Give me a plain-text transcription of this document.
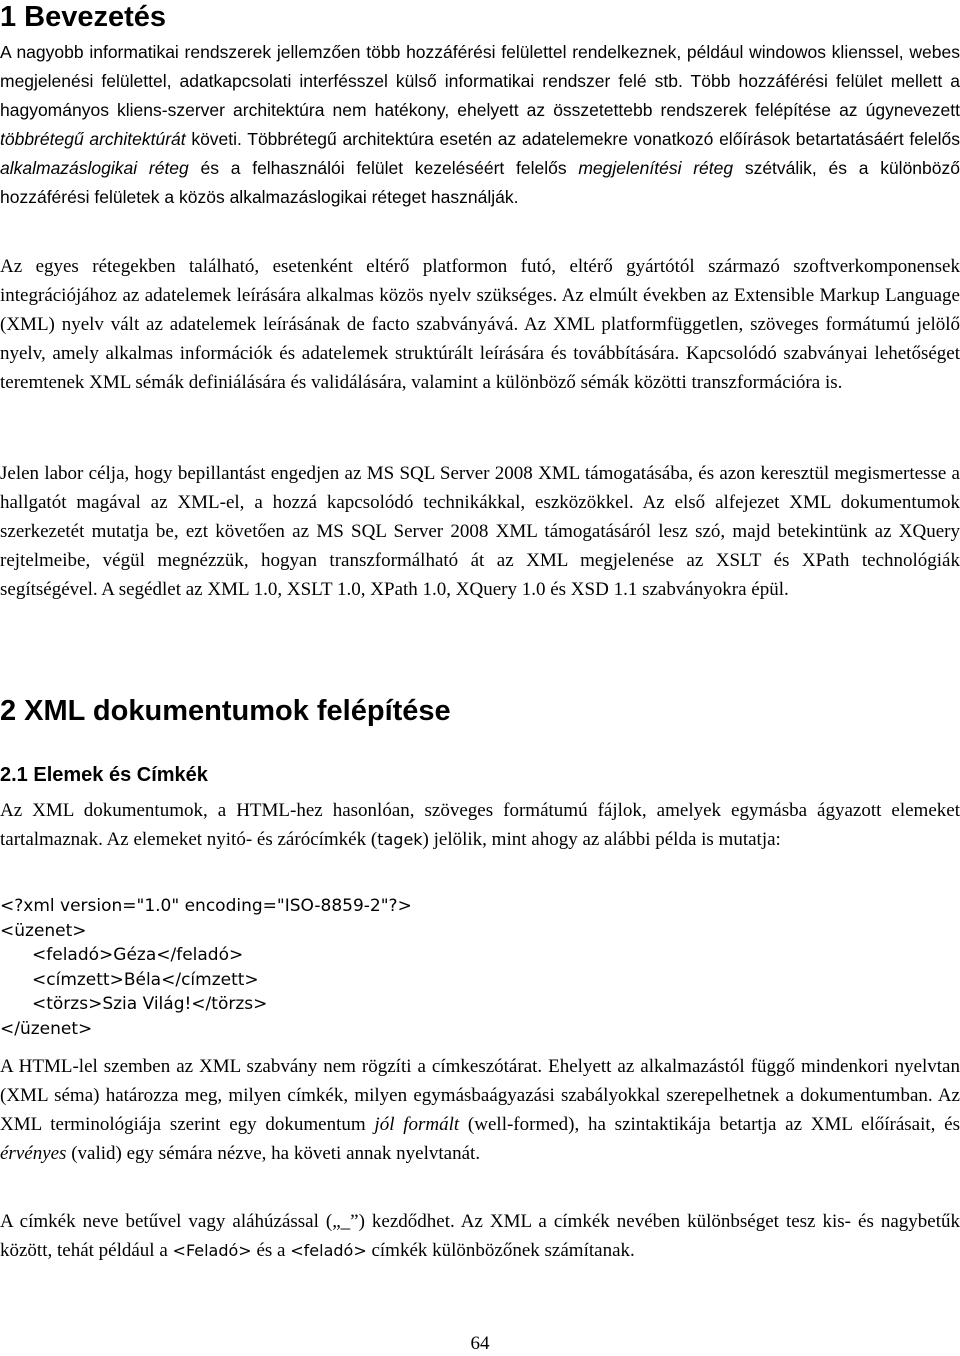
1 Bevezetés

A nagyobb informatikai rendszerek jellemzően több hozzáférési felülettel rendelkeznek, például windowos klienssel, webes megjelenési felülettel, adatkapcsolati interfésszel külső informatikai rendszer felé stb. Több hozzáférési felület mellett a hagyományos kliens-szerver architektúra nem hatékony, ehelyett az összetettebb rendszerek felépítése az úgynevezett többrétegű architektúrát követi. Többrétegű architektúra esetén az adatelemekre vonatkozó előírások betartatásáért felelős alkalmazáslogikai réteg és a felhasználói felület kezeléséért felelős megjelenítési réteg szétválik, és a különböző hozzáférési felületek a közös alkalmazáslogikai réteget használják.

Az egyes rétegekben található, esetenként eltérő platformon futó, eltérő gyártótól származó szoftverkomponensek integrációjához az adatelemek leírására alkalmas közös nyelv szükséges. Az elmúlt években az Extensible Markup Language (XML) nyelv vált az adatelemek leírásának de facto szabványává. Az XML platformfüggetlen, szöveges formátumú jelölő nyelv, amely alkalmas információk és adatelemek struktúrált leírására és továbbítására. Kapcsolódó szabványai lehetőséget teremtenek XML sémák definiálására és validálására, valamint a különböző sémák közötti transzformációra is.

Jelen labor célja, hogy bepillantást engedjen az MS SQL Server 2008 XML támogatásába, és azon keresztül megismertesse a hallgatót magával az XML-el, a hozzá kapcsolódó technikákkal, eszközökkel. Az első alfejezet XML dokumentumok szerkezetét mutatja be, ezt követően az MS SQL Server 2008 XML támogatásáról lesz szó, majd betekintünk az XQuery rejtelmeibe, végül megnézzük, hogyan transzformálható át az XML megjelenése az XSLT és XPath technológiák segítségével. A segédlet az XML 1.0, XSLT 1.0, XPath 1.0, XQuery 1.0 és XSD 1.1 szabványokra épül.

2 XML dokumentumok felépítése
2.1 Elemek és Címkék

Az XML dokumentumok, a HTML-hez hasonlóan, szöveges formátumú fájlok, amelyek egymásba ágyazott elemeket tartalmaznak. Az elemeket nyitó- és zárócímkék (tagek) jelölik, mint ahogy az alábbi példa is mutatja:

<?xml version="1.0" encoding="ISO-8859-2"?>
<üzenet>
<feladó>Géza</feladó>
<címzett>Béla</címzett>
<törzs>Szia Világ!</törzs>
</üzenet>

A HTML-lel szemben az XML szabvány nem rögzíti a címkeszótárat. Ehelyett az alkalmazástól függő mindenkori nyelvtan (XML séma) határozza meg, milyen címkék, milyen egymásbaágyazási szabályokkal szerepelhetnek a dokumentumban. Az XML terminológiája szerint egy dokumentum jól formált (well-formed), ha szintaktikája betartja az XML előírásait, és érvényes (valid) egy sémára nézve, ha követi annak nyelvtanát.

A címkék neve betűvel vagy aláhúzással („_”) kezdődhet. Az XML a címkék nevében különbséget tesz kis- és nagybetűk között, tehát például a <Feladó> és a <feladó> címkék különbözőnek számítanak.

64
